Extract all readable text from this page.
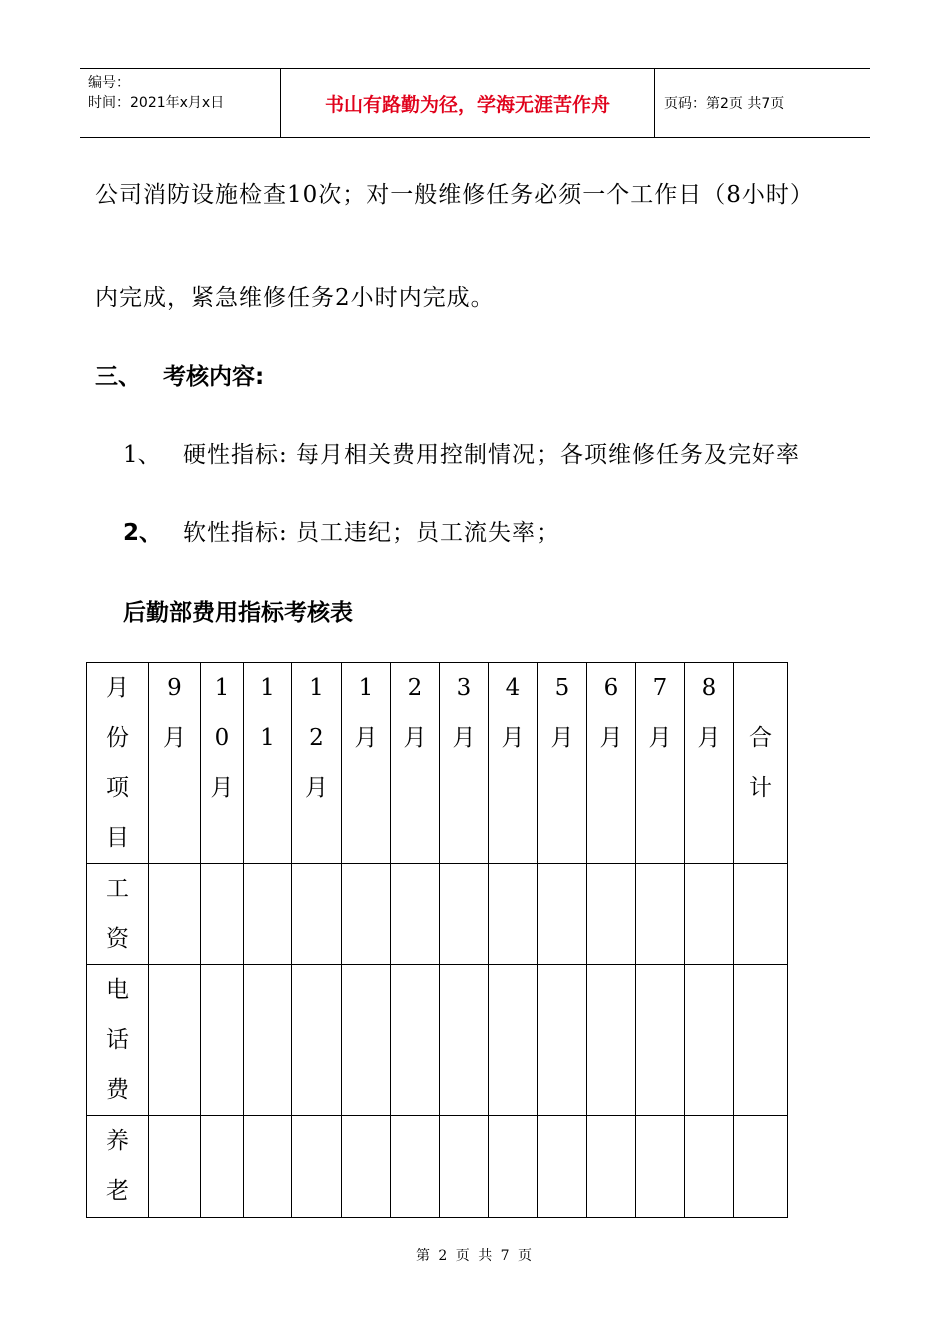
编号：
时间：2021年x月x日	书山有路勤为径，学海无涯苦作舟	页码：第2页 共7页
公司消防设施检查10次；对一般维修任务必须一个工作日（8小时）
内完成，紧急维修任务2小时内完成。
三、 考核内容:
1、 硬性指标: 每月相关费用控制情况；各项维修任务及完好率
2、 软性指标: 员工违纪；员工流失率；
后勤部费用指标考核表
月份项目	9月	10月	11	12月	1月	2月	3月	4月	5月	6月	7月	8月	合计

工资													

电话费													

养老													

第 2 页 共 7 页
